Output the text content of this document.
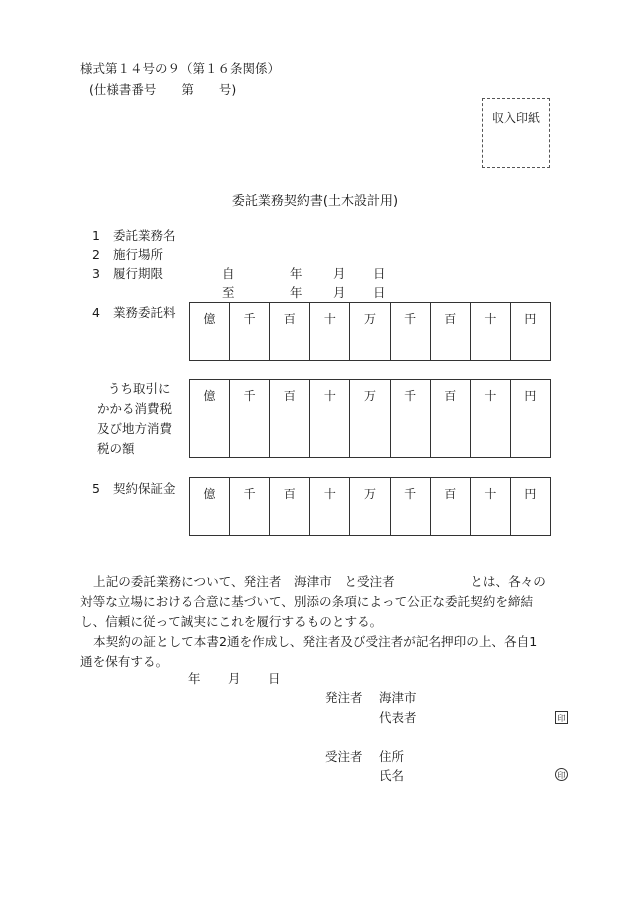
様式第１４号の９（第１６条関係）
(仕様書番号　　第　　号)
収入印紙
委託業務契約書(土木設計用)
1 委託業務名
2 施行場所
3 履行期限	自	年 月 日
至	年 月 日
4 業務委託料	億	千	百	十	万	千	百	十	円
うち取引に
かかる消費税
及び地方消費
税の額
億	千	百	十	万	千	百	十	円
5 契約保証金	億	千	百	十	万	千	百	十	円
上記の委託業務について、発注者　海津市　と受注者　　　　　　とは、各々の
対等な立場における合意に基づいて、別添の条項によって公正な委託契約を締結
し、信頼に従って誠実にこれを履行するものとする。
本契約の証として本書2通を作成し、発注者及び受注者が記名押印の上、各自1
通を保有する。
年 月 日
発注者 海津市
代表者	印
受注者 住所
氏名	印
